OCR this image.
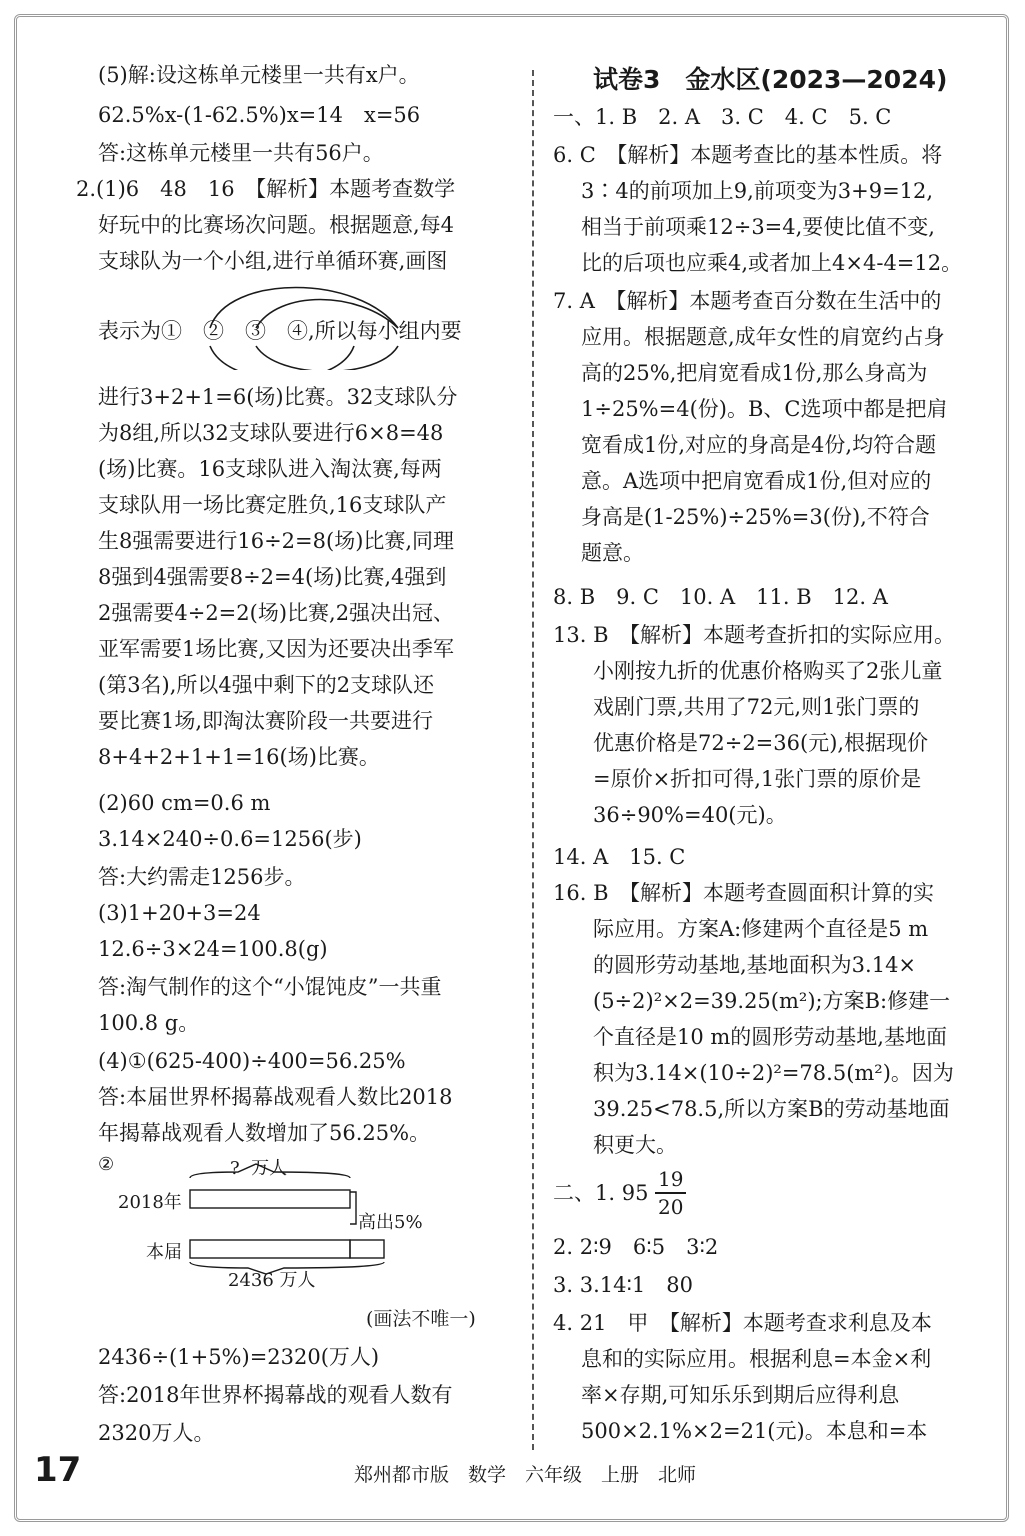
(5)解:设这栋单元楼里一共有x户。
62.5%x-(1-62.5%)x=14　x=56
答:这栋单元楼里一共有56户。
2.(1)6　48　16　【解析】本题考查数学
好玩中的比赛场次问题。根据题意,每4
支球队为一个小组,进行单循环赛,画图
表示为①　②　③　④,所以每小组内要
进行3+2+1=6(场)比赛。32支球队分
为8组,所以32支球队要进行6×8=48
(场)比赛。16支球队进入淘汰赛,每两
支球队用一场比赛定胜负,16支球队产
生8强需要进行16÷2=8(场)比赛,同理
8强到4强需要8÷2=4(场)比赛,4强到
2强需要4÷2=2(场)比赛,2强决出冠、
亚军需要1场比赛,又因为还要决出季军
(第3名),所以4强中剩下的2支球队还
要比赛1场,即淘汰赛阶段一共要进行
8+4+2+1+1=16(场)比赛。
(2)60 cm=0.6 m
3.14×240÷0.6=1256(步)
答:大约需走1256步。
(3)1+20+3=24
12.6÷3×24=100.8(g)
答:淘气制作的这个“小馄饨皮”一共重
100.8 g。
(4)①(625-400)÷400=56.25%
答:本届世界杯揭幕战观看人数比2018
年揭幕战观看人数增加了56.25%。
②	?  万人
2018年
高出5%
本届
2436 万人
(画法不唯一)
2436÷(1+5%)=2320(万人)
答:2018年世界杯揭幕战的观看人数有
2320万人。
试卷3　金水区(2023—2024)
一、1. B　2. A　3. C　4. C　5. C
6. C　【解析】本题考查比的基本性质。将
3∶4的前项加上9,前项变为3+9=12,
相当于前项乘12÷3=4,要使比值不变,
比的后项也应乘4,或者加上4×4-4=12。
7. A　【解析】本题考查百分数在生活中的
应用。根据题意,成年女性的肩宽约占身
高的25%,把肩宽看成1份,那么身高为
1÷25%=4(份)。B、C选项中都是把肩
宽看成1份,对应的身高是4份,均符合题
意。A选项中把肩宽看成1份,但对应的
身高是(1-25%)÷25%=3(份),不符合
题意。
8. B　9. C　10. A　11. B　12. A
13. B　【解析】本题考查折扣的实际应用。
小刚按九折的优惠价格购买了2张儿童
戏剧门票,共用了72元,则1张门票的
优惠价格是72÷2=36(元),根据现价
=原价×折扣可得,1张门票的原价是
36÷90%=40(元)。
14. A　15. C
16. B　【解析】本题考查圆面积计算的实
际应用。方案A:修建两个直径是5 m
的圆形劳动基地,基地面积为3.14×
(5÷2)²×2=39.25(m²);方案B:修建一
个直径是10 m的圆形劳动基地,基地面
积为3.14×(10÷2)²=78.5(m²)。因为
39.25<78.5,所以方案B的劳动基地面
积更大。
二、1. $95 \frac{19}{20}$
2. 2∶9　6∶5　3∶2
3. 3.14∶1　80
4. 21　甲　【解析】本题考查求利息及本
息和的实际应用。根据利息=本金×利
率×存期,可知乐乐到期后应得利息
500×2.1%×2=21(元)。本息和=本
17	郑州都市版　数学　六年级　上册　北师
